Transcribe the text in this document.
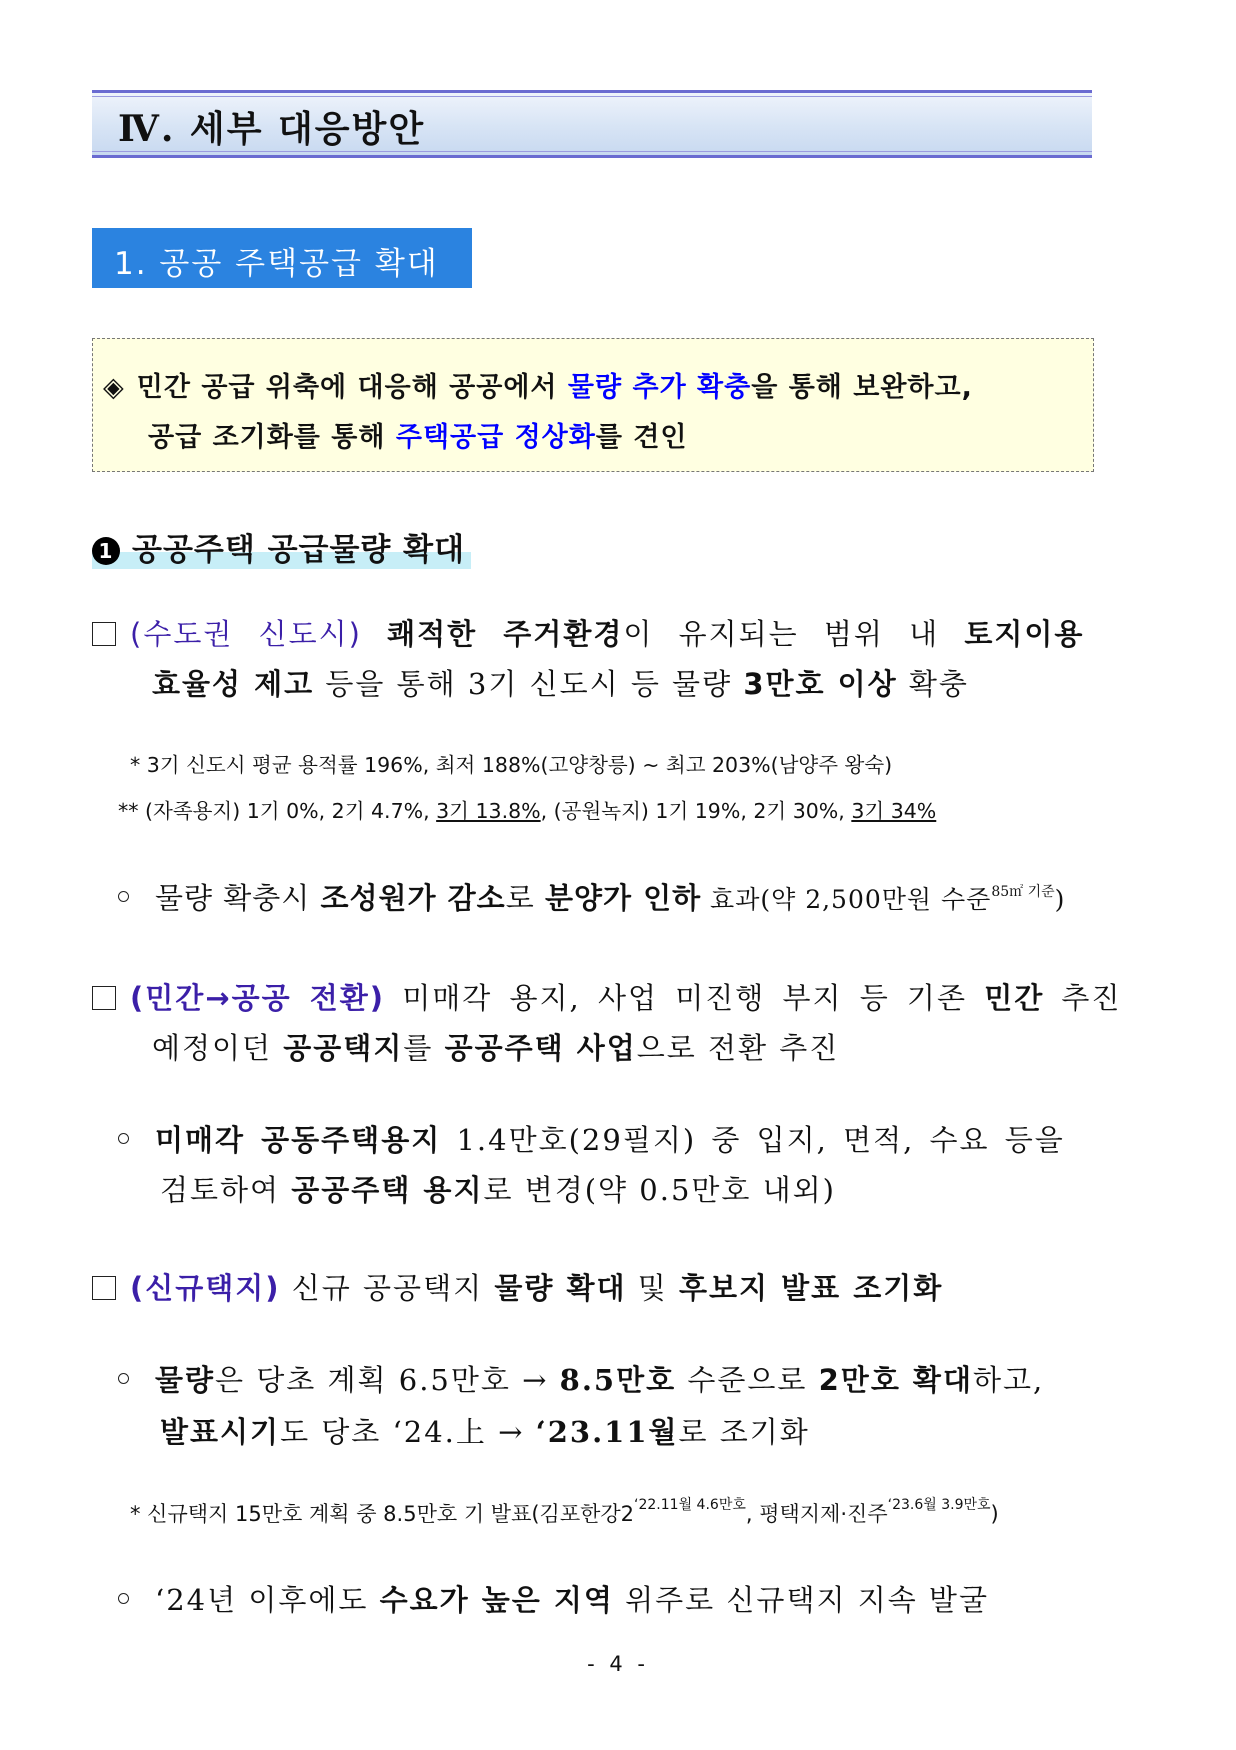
Ⅳ. 세부 대응방안
1. 공공 주택공급 확대
◈ 민간 공급 위축에 대응해 공공에서 물량 추가 확충을 통해 보완하고,
공급 조기화를 통해 주택공급 정상화를 견인
1 공공주택 공급물량 확대
(수도권 신도시) 쾌적한 주거환경이 유지되는 범위 내 토지이용
효율성 제고 등을 통해 3기 신도시 등 물량 3만호 이상 확충
* 3기 신도시 평균 용적률 196%, 최저 188%(고양창릉) ~ 최고 203%(남양주 왕숙)
** (자족용지) 1기 0%, 2기 4.7%, 3기 13.8%, (공원녹지) 1기 19%, 2기 30%, 3기 34%
물량 확충시 조성원가 감소로 분양가 인하 효과(약 2,500만원 수준$^{85㎡ 기준}$)
(민간→공공 전환) 미매각 용지, 사업 미진행 부지 등 기존 민간 추진
예정이던 공공택지를 공공주택 사업으로 전환 추진
미매각 공동주택용지 1.4만호(29필지) 중 입지, 면적, 수요 등을
검토하여 공공주택 용지로 변경(약 0.5만호 내외)
(신규택지) 신규 공공택지 물량 확대 및 후보지 발표 조기화
물량은 당초 계획 6.5만호 → 8.5만호 수준으로 2만호 확대하고,
발표시기도 당초 ‘24.上 → ‘23.11월로 조기화
* 신규택지 15만호 계획 중 8.5만호 기 발표(김포한강$2^{‘22.11월 4.6만호}$, 평택지제·진주$^{‘23.6월 3.9만호}$)
‘24년 이후에도 수요가 높은 지역 위주로 신규택지 지속 발굴
- 4 -
